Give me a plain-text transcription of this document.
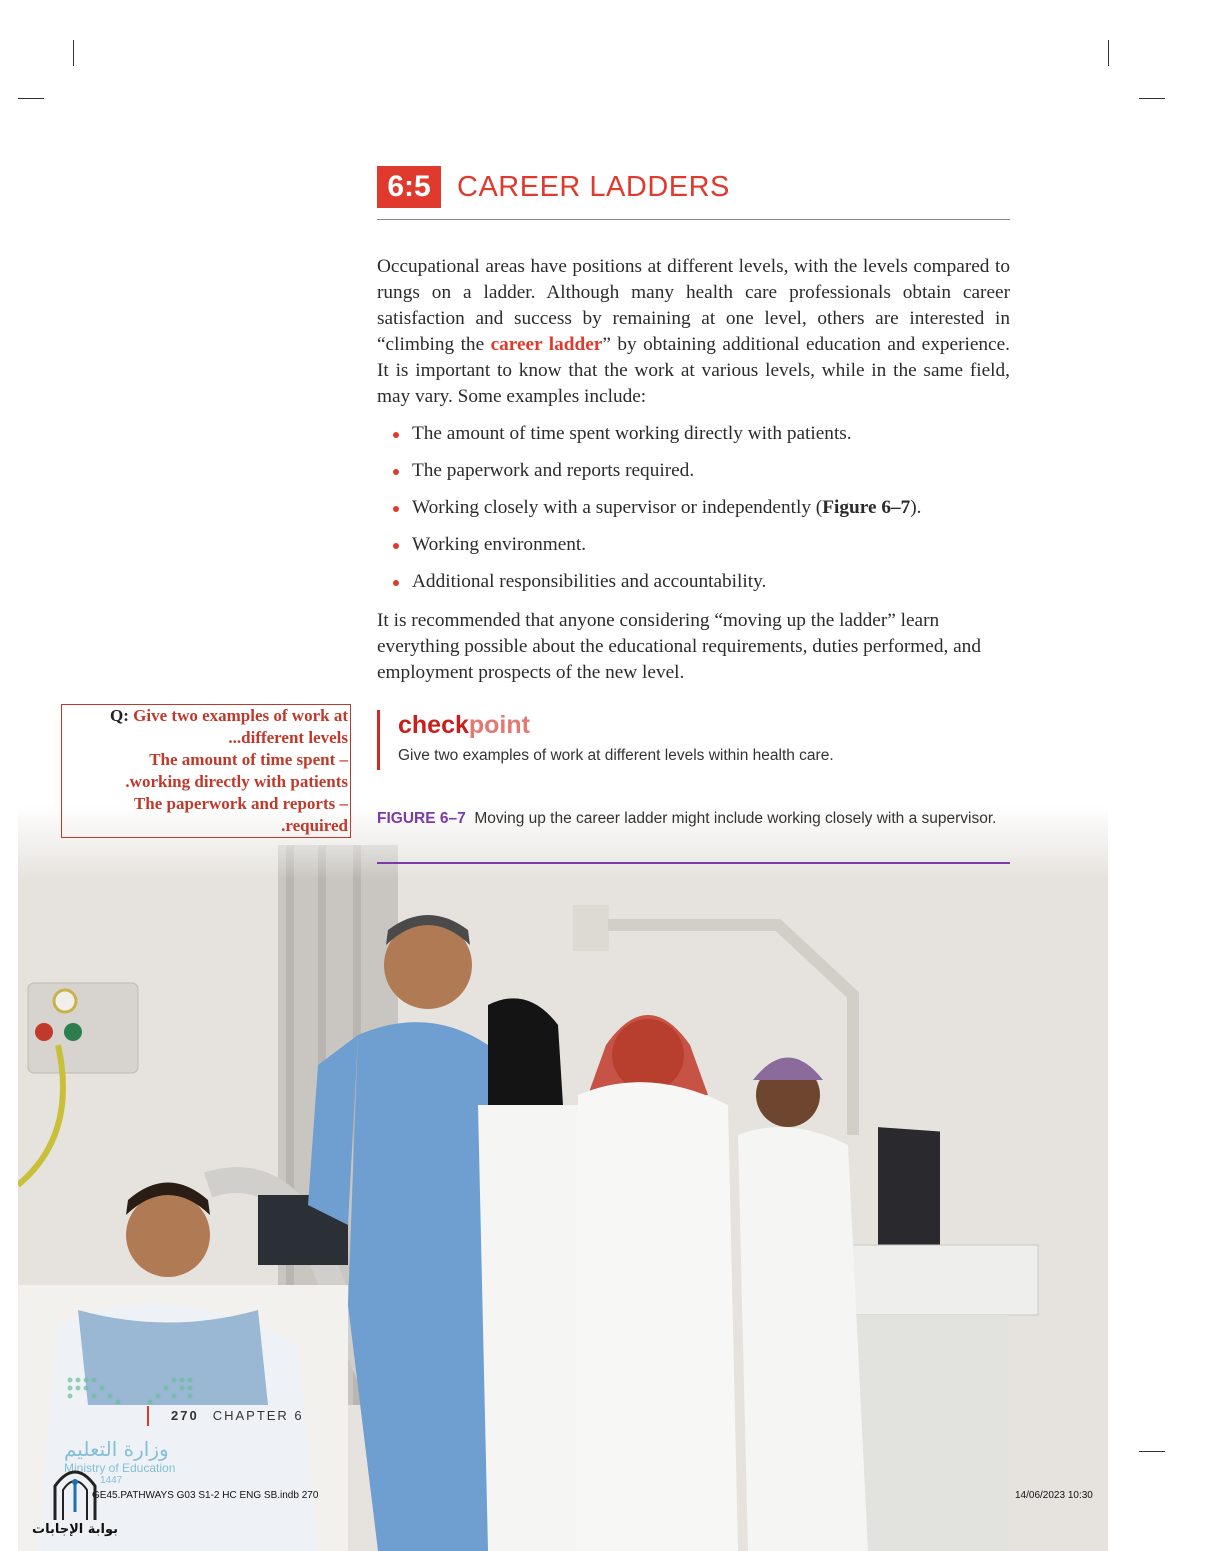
6:5 CAREER LADDERS

Occupational areas have positions at different levels, with the levels compared to rungs on a ladder. Although many health care professionals obtain career satisfaction and success by remaining at one level, others are interested in “climbing the career ladder” by obtaining additional education and experience. It is important to know that the work at various levels, while in the same field, may vary. Some examples include:

The amount of time spent working directly with patients.
The paperwork and reports required.
Working closely with a supervisor or independently (Figure 6–7).
Working environment.
Additional responsibilities and accountability.

It is recommended that anyone considering “moving up the ladder” learn everything possible about the educational requirements, duties performed, and employment prospects of the new level.

Q: Give two examples of work at
...different levels
The amount of time spent –
.working directly with patients
The paperwork and reports –
.required
checkpoint
Give two examples of work at different levels within health care.
FIGURE 6–7 Moving up the career ladder might include working closely with a supervisor.
وزارة التعليم
Ministry of Education
1447
270 CHAPTER 6
GE45.PATHWAYS G03 S1-2 HC ENG SB.indb 270	14/06/2023 10:30
بوابة الإجابات
